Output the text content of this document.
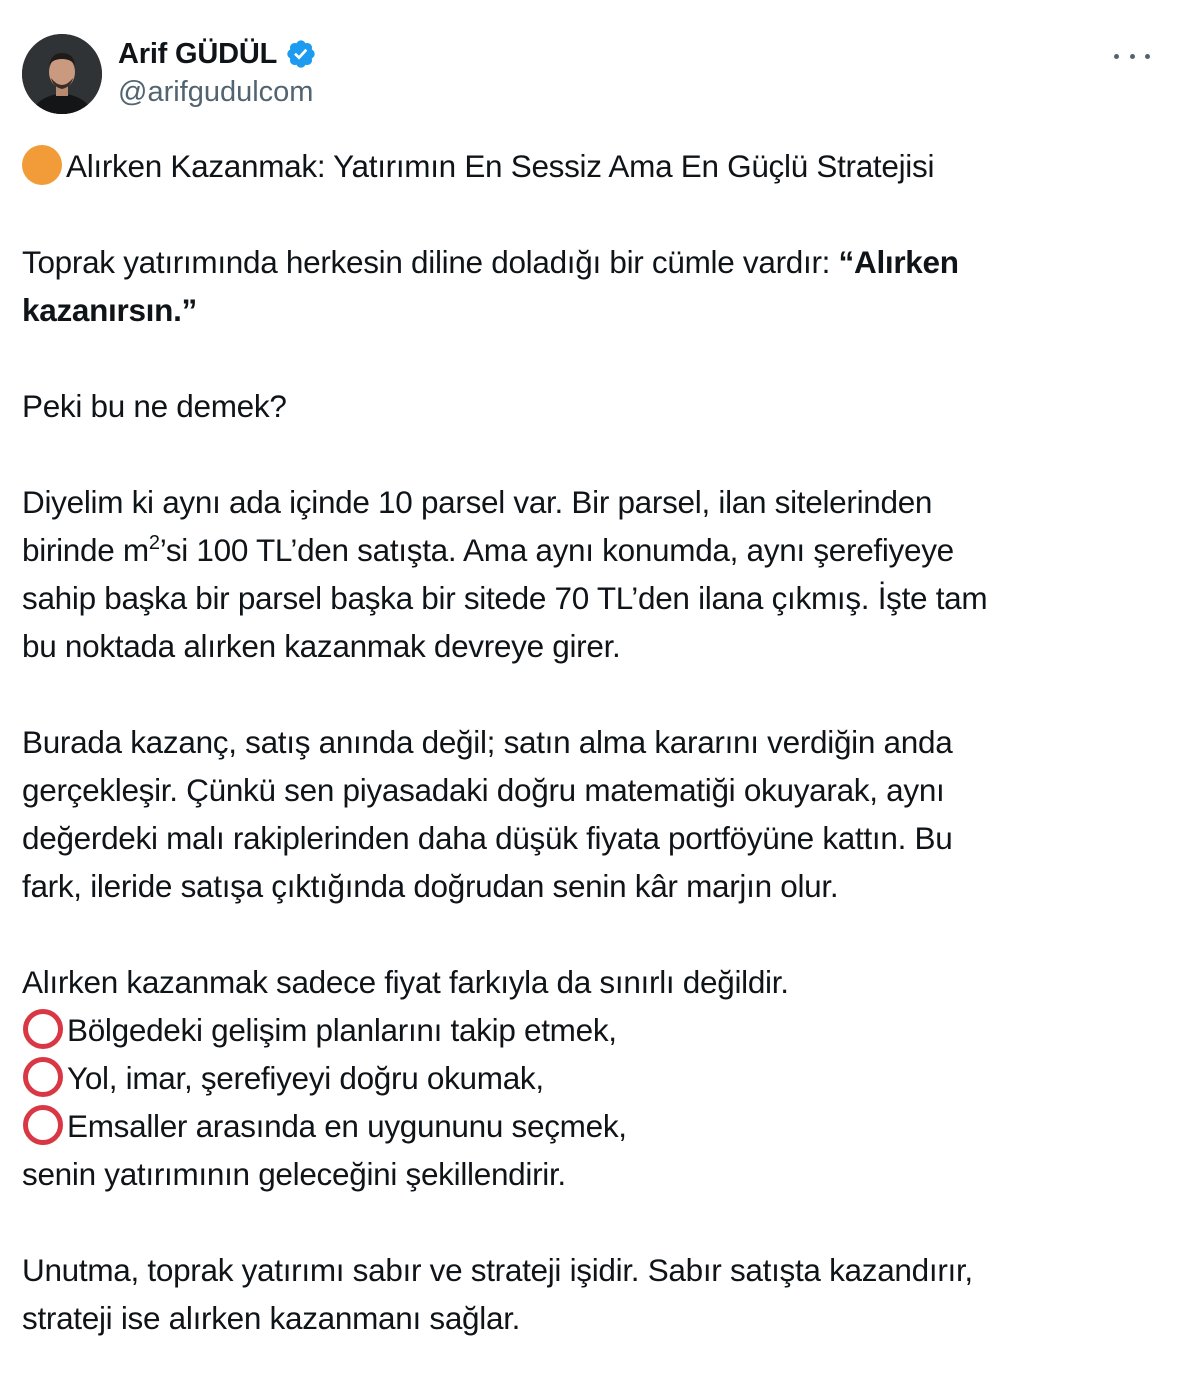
Arif GÜDÜL
@arifgudulcom
Alırken Kazanmak: Yatırımın En Sessiz Ama En Güçlü Stratejisi
Toprak yatırımında herkesin diline doladığı bir cümle vardır: “Alırken
kazanırsın.”
Peki bu ne demek?
Diyelim ki aynı ada içinde 10 parsel var. Bir parsel, ilan sitelerinden
birinde $m^2’si$ 100 TL’den satışta. Ama aynı konumda, aynı şerefiyeye
sahip başka bir parsel başka bir sitede 70 TL’den ilana çıkmış. İşte tam
bu noktada alırken kazanmak devreye girer.
Burada kazanç, satış anında değil; satın alma kararını verdiğin anda
gerçekleşir. Çünkü sen piyasadaki doğru matematiği okuyarak, aynı
değerdeki malı rakiplerinden daha düşük fiyata portföyüne kattın. Bu
fark, ileride satışa çıktığında doğrudan senin kâr marjın olur.
Alırken kazanmak sadece fiyat farkıyla da sınırlı değildir.
Bölgedeki gelişim planlarını takip etmek,
Yol, imar, şerefiyeyi doğru okumak,
Emsaller arasında en uygununu seçmek,
senin yatırımının geleceğini şekillendirir.
Unutma, toprak yatırımı sabır ve strateji işidir. Sabır satışta kazandırır,
strateji ise alırken kazanmanı sağlar.
